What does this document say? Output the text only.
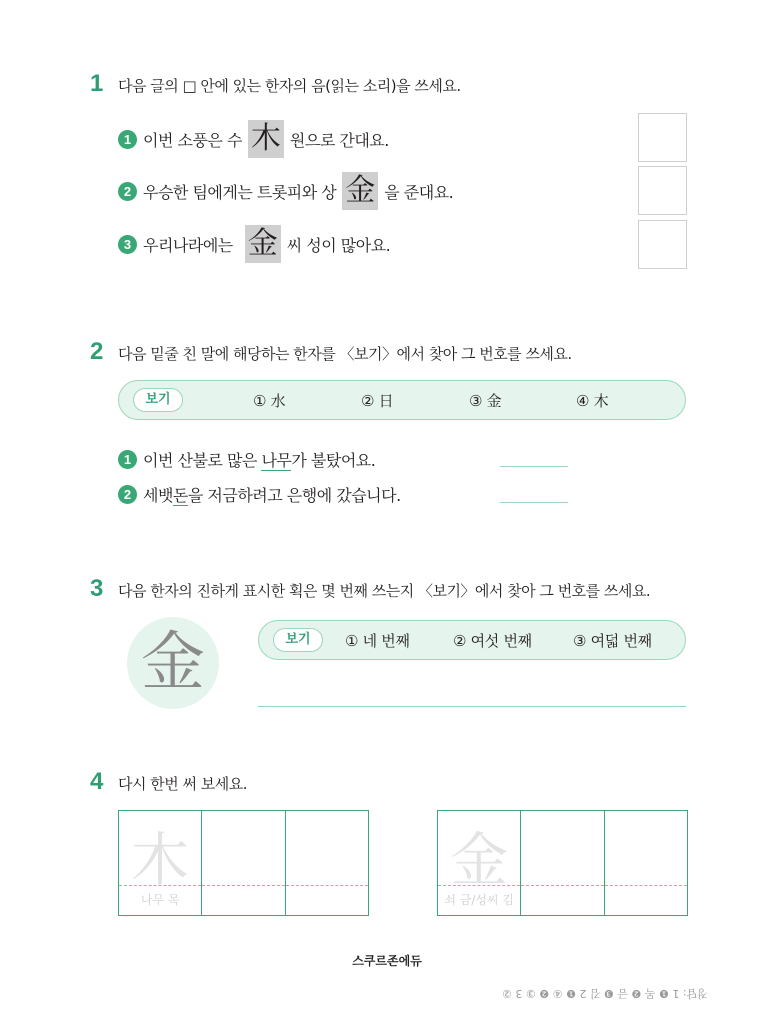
1 다음 글의 □ 안에 있는 한자의 음(읽는 소리)을 쓰세요.
1 이번 소풍은 수 木 원으로 간대요.
2 우승한 팀에게는 트롯피와 상 金 을 준대요.
3 우리나라에는 金 씨 성이 많아요.
2 다음 밑줄 친 말에 해당하는 한자를 〈보기〉에서 찾아 그 번호를 쓰세요.
보기	① 水	② 日	③ 金	④ 木
1 이번 산불로 많은 나무가 불탔어요.
2 세뱃돈을 저금하려고 은행에 갔습니다.
3 다음 한자의 진하게 표시한 획은 몇 번째 쓰는지 〈보기〉에서 찾아 그 번호를 쓰세요.
金	보기	① 네 번째	② 여섯 번째	③ 여덟 번째
4 다시 한번 써 보세요.
木
나무 목
金
쇠 금/성씨 김
스쿠르존에듀
정답: 1 ❶ 목 ❷ 금 ❸ 김 2 ❶ ④ ❷ ③ 3 ②
